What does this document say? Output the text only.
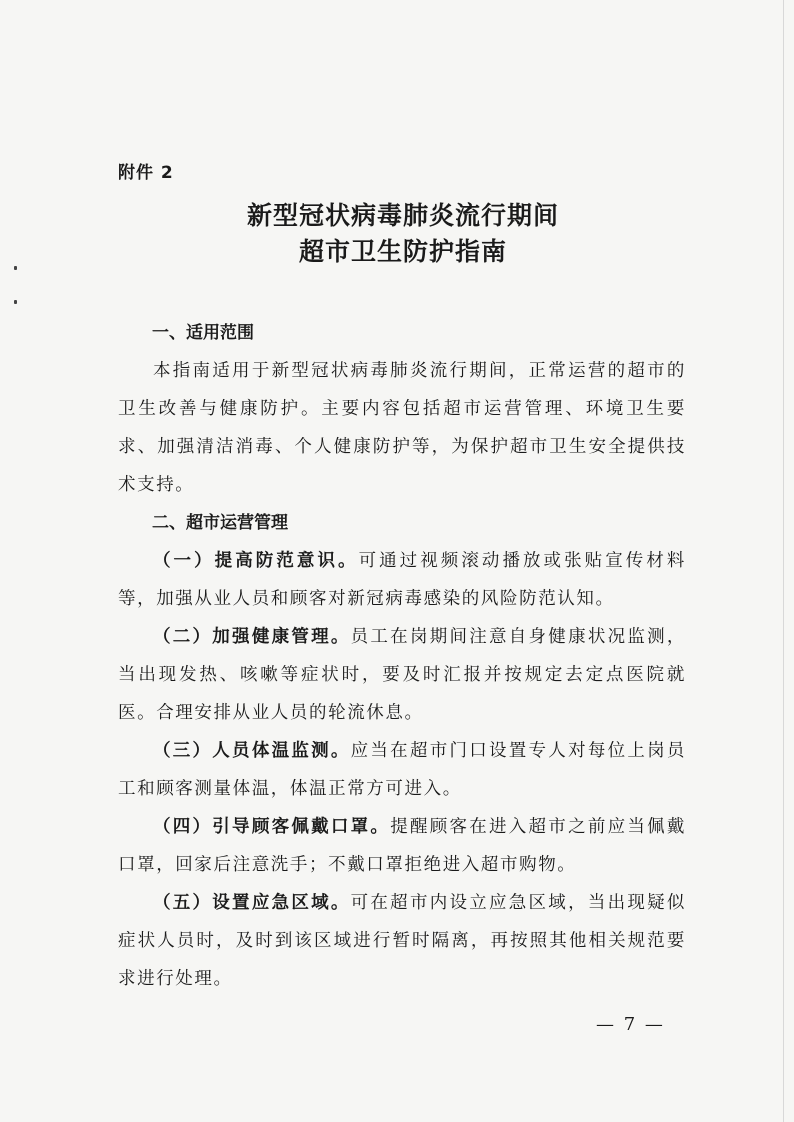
附件 2
新型冠状病毒肺炎流行期间
超市卫生防护指南
一、适用范围
本指南适用于新型冠状病毒肺炎流行期间，正常运营的超市的卫生改善与健康防护。主要内容包括超市运营管理、环境卫生要求、加强清洁消毒、个人健康防护等，为保护超市卫生安全提供技术支持。
二、超市运营管理
（一）提高防范意识。可通过视频滚动播放或张贴宣传材料等，加强从业人员和顾客对新冠病毒感染的风险防范认知。
（二）加强健康管理。员工在岗期间注意自身健康状况监测，当出现发热、咳嗽等症状时，要及时汇报并按规定去定点医院就医。合理安排从业人员的轮流休息。
（三）人员体温监测。应当在超市门口设置专人对每位上岗员工和顾客测量体温，体温正常方可进入。
（四）引导顾客佩戴口罩。提醒顾客在进入超市之前应当佩戴口罩，回家后注意洗手；不戴口罩拒绝进入超市购物。
（五）设置应急区域。可在超市内设立应急区域，当出现疑似症状人员时，及时到该区域进行暂时隔离，再按照其他相关规范要求进行处理。
— 7 —
